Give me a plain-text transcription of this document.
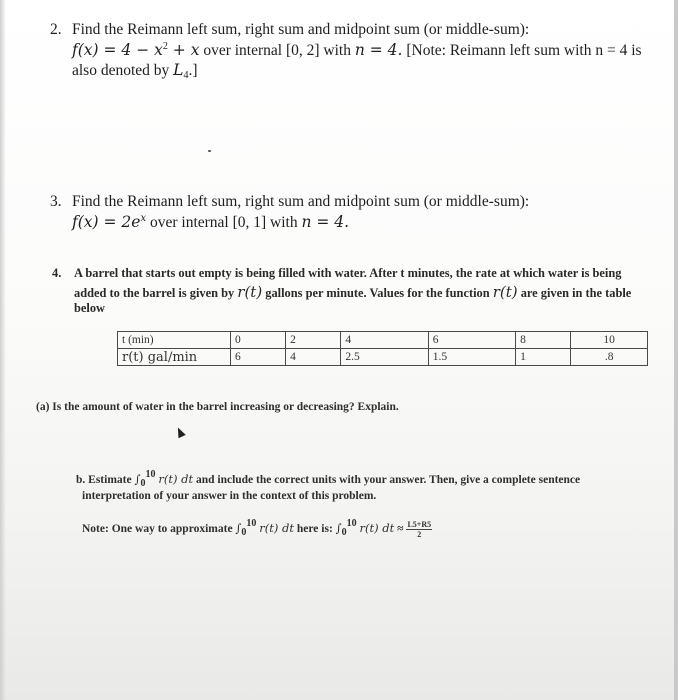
2. Find the Reimann left sum, right sum and midpoint sum (or middle-sum):
$f(x) = 4 - x^2 + x$ over internal [0, 2] with n = 4. [Note: Reimann left sum with n = 4 is
also denoted by $L_4$.]
3. Find the Reimann left sum, right sum and midpoint sum (or middle-sum):
$f(x) = 2e^x$ over internal [0, 1] with n = 4.
4. A barrel that starts out empty is being filled with water. After t minutes, the rate at which water is being
added to the barrel is given by r(t) gallons per minute. Values for the function r(t) are given in the table
below
t (min)	0	2	4	6	8	10
r(t) gal/min	6	4	2.5	1.5	1	.8
(a) Is the amount of water in the barrel increasing or decreasing? Explain.
b. Estimate $\int_0^{10}$ r(t) dt and include the correct units with your answer. Then, give a complete sentence
interpretation of your answer in the context of this problem.
Note: One way to approximate $\int_0^{10}$ r(t) dt here is: $\int_0^{10}$ r(t) dt ≈ $\frac{L5+R5}{2}$
